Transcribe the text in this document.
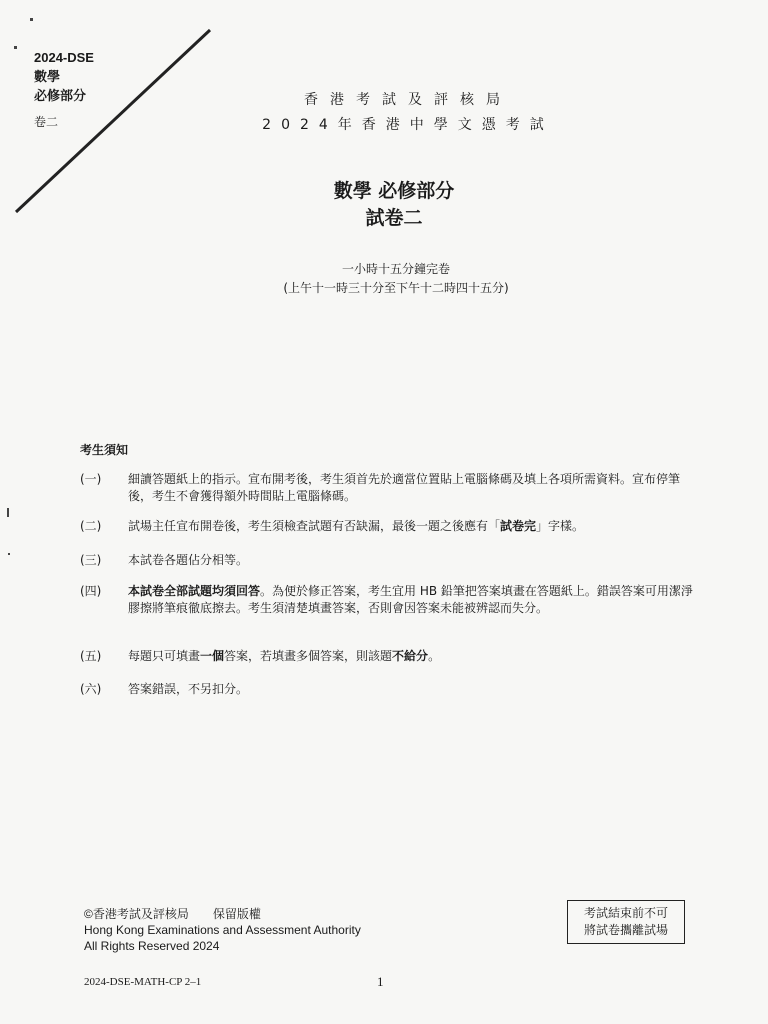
2024-DSE
數學
必修部分
卷二
香港考試及評核局
2024年香港中學文憑考試
數學 必修部分
試卷二
一小時十五分鐘完卷
(上午十一時三十分至下午十二時四十五分)
考生須知
(一)	細讀答題紙上的指示。宣布開考後，考生須首先於適當位置貼上電腦條碼及填上各項所需資料。宣布停筆後，考生不會獲得額外時間貼上電腦條碼。
(二)	試場主任宣布開卷後，考生須檢查試題有否缺漏，最後一題之後應有「試卷完」字樣。
(三)	本試卷各題佔分相等。
(四)	本試卷全部試題均須回答。為便於修正答案，考生宜用 HB 鉛筆把答案填畫在答題紙上。錯誤答案可用潔淨膠擦將筆痕徹底擦去。考生須清楚填畫答案，否則會因答案未能被辨認而失分。
(五)	每題只可填畫一個答案，若填畫多個答案，則該題不給分。
(六)	答案錯誤，不另扣分。
©香港考試及評核局　　保留版權
Hong Kong Examinations and Assessment Authority
All Rights Reserved 2024
考試結束前不可
將試卷攜離試場
2024-DSE-MATH-CP 2–1	1
